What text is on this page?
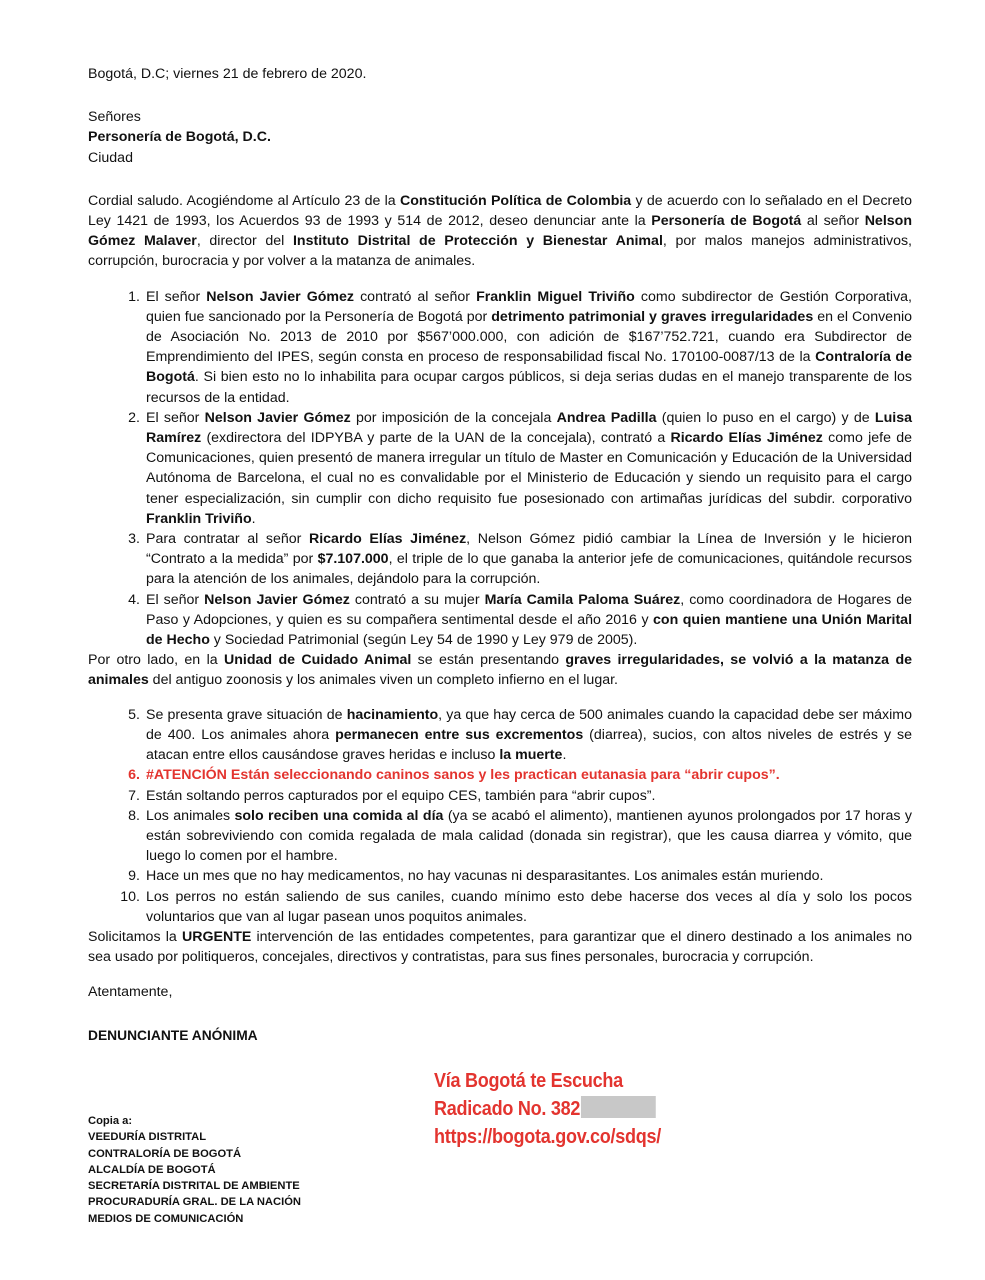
Bogotá, D.C; viernes 21 de febrero de 2020.

Señores
Personería de Bogotá, D.C.
Ciudad

Cordial saludo. Acogiéndome al Artículo 23 de la Constitución Política de Colombia y de acuerdo con lo señalado en el Decreto Ley 1421 de 1993, los Acuerdos 93 de 1993 y 514 de 2012, deseo denunciar ante la Personería de Bogotá al señor Nelson Gómez Malaver, director del Instituto Distrital de Protección y Bienestar Animal, por malos manejos administrativos, corrupción, burocracia y por volver a la matanza de animales.

1. El señor Nelson Javier Gómez contrató al señor Franklin Miguel Triviño como subdirector de Gestión Corporativa, quien fue sancionado por la Personería de Bogotá por detrimento patrimonial y graves irregularidades en el Convenio de Asociación No. 2013 de 2010 por $567’000.000, con adición de $167’752.721, cuando era Subdirector de Emprendimiento del IPES, según consta en proceso de responsabilidad fiscal No. 170100-0087/13 de la Contraloría de Bogotá. Si bien esto no lo inhabilita para ocupar cargos públicos, si deja serias dudas en el manejo transparente de los recursos de la entidad.
2. El señor Nelson Javier Gómez por imposición de la concejala Andrea Padilla (quien lo puso en el cargo) y de Luisa Ramírez (exdirectora del IDPYBA y parte de la UAN de la concejala), contrató a Ricardo Elías Jiménez como jefe de Comunicaciones, quien presentó de manera irregular un título de Master en Comunicación y Educación de la Universidad Autónoma de Barcelona, el cual no es convalidable por el Ministerio de Educación y siendo un requisito para el cargo tener especialización, sin cumplir con dicho requisito fue posesionado con artimañas jurídicas del subdir. corporativo Franklin Triviño.
3. Para contratar al señor Ricardo Elías Jiménez, Nelson Gómez pidió cambiar la Línea de Inversión y le hicieron “Contrato a la medida” por $7.107.000, el triple de lo que ganaba la anterior jefe de comunicaciones, quitándole recursos para la atención de los animales, dejándolo para la corrupción.
4. El señor Nelson Javier Gómez contrató a su mujer María Camila Paloma Suárez, como coordinadora de Hogares de Paso y Adopciones, y quien es su compañera sentimental desde el año 2016 y con quien mantiene una Unión Marital de Hecho y Sociedad Patrimonial (según Ley 54 de 1990 y Ley 979 de 2005).

Por otro lado, en la Unidad de Cuidado Animal se están presentando graves irregularidades, se volvió a la matanza de animales del antiguo zoonosis y los animales viven un completo infierno en el lugar.

5. Se presenta grave situación de hacinamiento, ya que hay cerca de 500 animales cuando la capacidad debe ser máximo de 400. Los animales ahora permanecen entre sus excrementos (diarrea), sucios, con altos niveles de estrés y se atacan entre ellos causándose graves heridas e incluso la muerte.
6. #ATENCIÓN Están seleccionando caninos sanos y les practican eutanasia para “abrir cupos”.
7. Están soltando perros capturados por el equipo CES, también para “abrir cupos”.
8. Los animales solo reciben una comida al día (ya se acabó el alimento), mantienen ayunos prolongados por 17 horas y están sobreviviendo con comida regalada de mala calidad (donada sin registrar), que les causa diarrea y vómito, que luego lo comen por el hambre.
9. Hace un mes que no hay medicamentos, no hay vacunas ni desparasitantes. Los animales están muriendo.
10. Los perros no están saliendo de sus caniles, cuando mínimo esto debe hacerse dos veces al día y solo los pocos voluntarios que van al lugar pasean unos poquitos animales.

Solicitamos la URGENTE intervención de las entidades competentes, para garantizar que el dinero destinado a los animales no sea usado por politiqueros, concejales, directivos y contratistas, para sus fines personales, burocracia y corrupción.

Atentamente,

DENUNCIANTE ANÓNIMA

Copia a:
VEEDURÍA DISTRITAL
CONTRALORÍA DE BOGOTÁ
ALCALDÍA DE BOGOTÁ
SECRETARÍA DISTRITAL DE AMBIENTE
PROCURADURÍA GRAL. DE LA NACIÓN
MEDIOS DE COMUNICACIÓN
Vía Bogotá te Escucha
Radicado No. 382
https://bogota.gov.co/sdqs/
